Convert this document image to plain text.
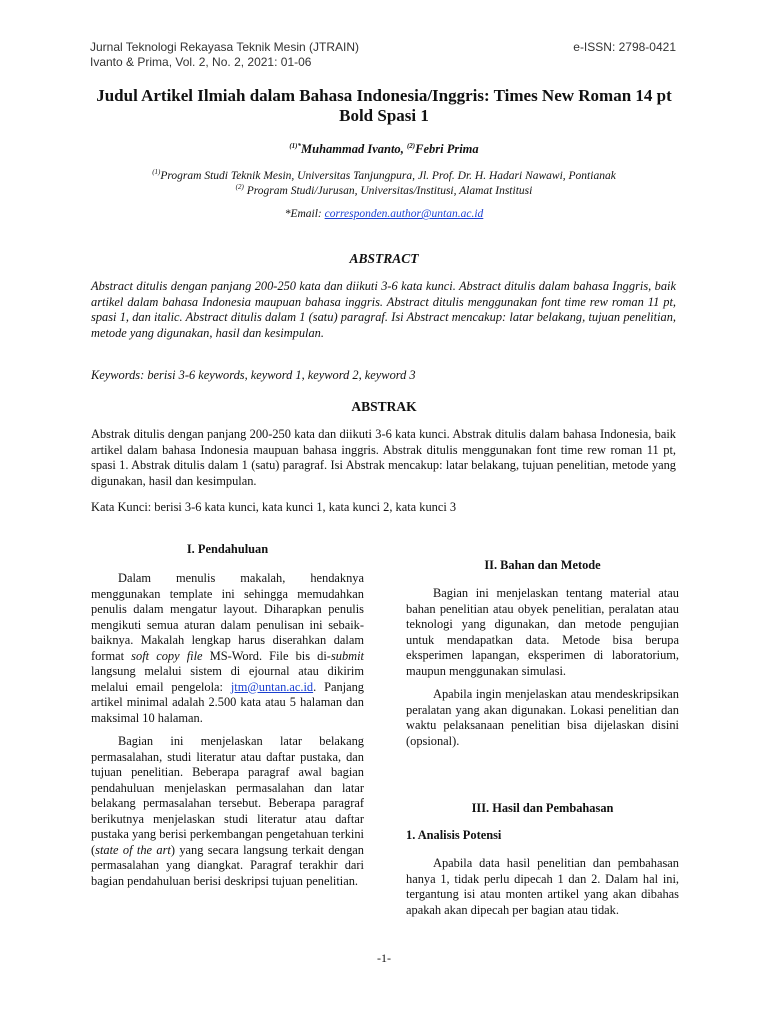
Jurnal Teknologi Rekayasa Teknik Mesin (JTRAIN)	e-ISSN: 2798-0421
Ivanto & Prima, Vol. 2, No. 2, 2021: 01-06
Judul Artikel Ilmiah dalam Bahasa Indonesia/Inggris: Times New Roman 14 pt Bold Spasi 1
$^{(1)*}$Muhammad Ivanto, $^{(2)}$Febri Prima
$^{(1)}$Program Studi Teknik Mesin, Universitas Tanjungpura, Jl. Prof. Dr. H. Hadari Nawawi, Pontianak
$^{(2)}$ Program Studi/Jurusan, Universitas/Institusi, Alamat Institusi
*Email: corresponden.author@untan.ac.id
ABSTRACT
Abstract ditulis dengan panjang 200-250 kata dan diikuti 3-6 kata kunci. Abstract ditulis dalam bahasa Inggris, baik artikel dalam bahasa Indonesia maupuan bahasa inggris. Abstract ditulis menggunakan font time rew roman 11 pt, spasi 1, dan italic. Abstract ditulis dalam 1 (satu) paragraf. Isi Abstract mencakup: latar belakang, tujuan penelitian, metode yang digunakan, hasil dan kesimpulan.
Keywords: berisi 3-6 keywords, keyword 1, keyword 2, keyword 3
ABSTRAK
Abstrak ditulis dengan panjang 200-250 kata dan diikuti 3-6 kata kunci. Abstrak ditulis dalam bahasa Indonesia, baik artikel dalam bahasa Indonesia maupuan bahasa inggris. Abstrak ditulis menggunakan font time rew roman 11 pt, spasi 1. Abstrak ditulis dalam 1 (satu) paragraf. Isi Abstrak mencakup: latar belakang, tujuan penelitian, metode yang digunakan, hasil dan kesimpulan.
Kata Kunci: berisi 3-6 kata kunci, kata kunci 1, kata kunci 2, kata kunci 3
I. Pendahuluan

Dalam menulis makalah, hendaknya menggunakan template ini sehingga memudahkan penulis dalam mengatur layout. Diharapkan penulis mengikuti semua aturan dalam penulisan ini sebaik-baiknya. Makalah lengkap harus diserahkan dalam format soft copy file MS-Word. File bis di-submit langsung melalui sistem di ejournal atau dikirim melalui email pengelola: jtm@untan.ac.id. Panjang artikel minimal adalah 2.500 kata atau 5 halaman dan maksimal 10 halaman.

Bagian ini menjelaskan latar belakang permasalahan, studi literatur atau daftar pustaka, dan tujuan penelitian. Beberapa paragraf awal bagian pendahuluan menjelaskan permasalahan dan latar belakang permasalahan tersebut. Beberapa paragraf berikutnya menjelaskan studi literatur atau daftar pustaka yang berisi perkembangan pengetahuan terkini (state of the art) yang secara langsung terkait dengan permasalahan yang diangkat. Paragraf terakhir dari bagian pendahuluan berisi deskripsi tujuan penelitian.

II. Bahan dan Metode

Bagian ini menjelaskan tentang material atau bahan penelitian atau obyek penelitian, peralatan atau teknologi yang digunakan, dan metode pengujian untuk mendapatkan data. Metode bisa berupa eksperimen lapangan, eksperimen di laboratorium, maupun menggunakan simulasi.

Apabila ingin menjelaskan atau mendeskripsikan peralatan yang akan digunakan. Lokasi penelitian dan waktu pelaksanaan penelitian bisa dijelaskan disini (opsional).

III. Hasil dan Pembahasan
1. Analisis Potensi

Apabila data hasil penelitian dan pembahasan hanya 1, tidak perlu dipecah 1 dan 2. Dalam hal ini, tergantung isi atau monten artikel yang akan dibahas apakah akan dipecah per bagian atau tidak.

-1-
